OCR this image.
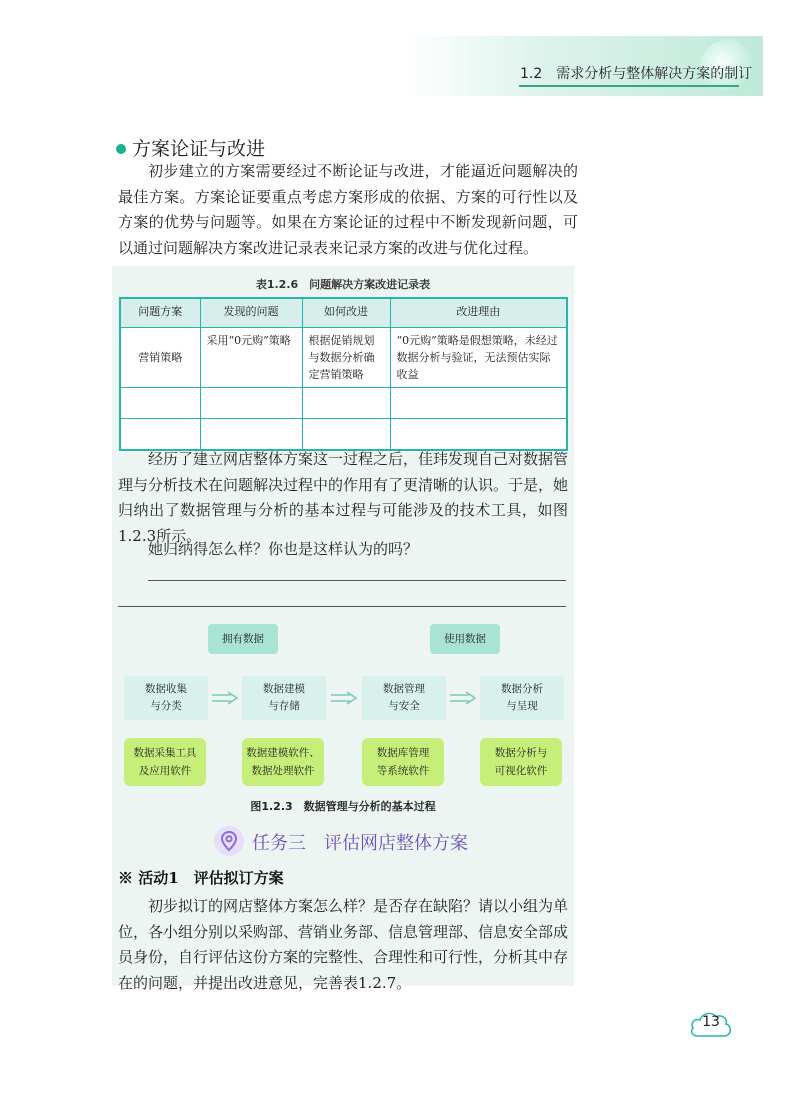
1.2　需求分析与整体解决方案的制订
方案论证与改进
初步建立的方案需要经过不断论证与改进，才能逼近问题解决的最佳方案。方案论证要重点考虑方案形成的依据、方案的可行性以及方案的优势与问题等。如果在方案论证的过程中不断发现新问题，可以通过问题解决方案改进记录表来记录方案的改进与优化过程。
表1.2.6　问题解决方案改进记录表
问题方案	发现的问题	如何改进	改进理由
营销策略	采用“0元购”策略	根据促销规划与数据分析确定营销策略	“0元购”策略是假想策略，未经过数据分析与验证，无法预估实际收益

经历了建立网店整体方案这一过程之后，佳玮发现自己对数据管理与分析技术在问题解决过程中的作用有了更清晰的认识。于是，她归纳出了数据管理与分析的基本过程与可能涉及的技术工具，如图1.2.3所示。
她归纳得怎么样？你也是这样认为的吗？
拥有数据	使用数据
数据收集
与分类
数据建模
与存储
数据管理
与安全
数据分析
与呈现
数据采集工具
及应用软件
数据建模软件、
数据处理软件
数据库管理
等系统软件
数据分析与
可视化软件
图1.2.3　数据管理与分析的基本过程
任务三　评估网店整体方案
※ 活动1　评估拟订方案
初步拟订的网店整体方案怎么样？是否存在缺陷？请以小组为单位，各小组分别以采购部、营销业务部、信息管理部、信息安全部成员身份，自行评估这份方案的完整性、合理性和可行性，分析其中存在的问题，并提出改进意见，完善表1.2.7。
13
